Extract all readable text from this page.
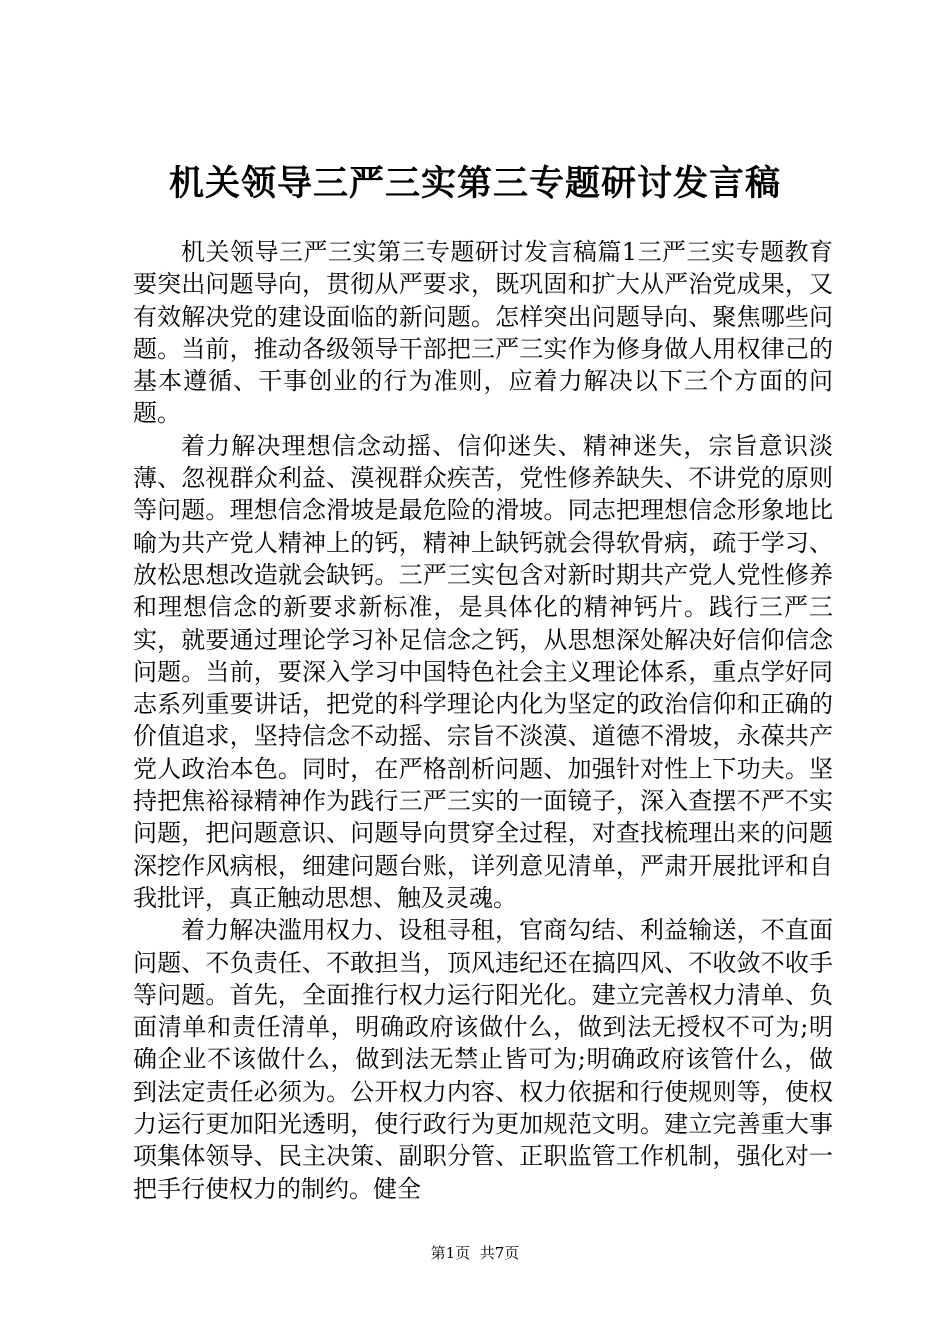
机关领导三严三实第三专题研讨发言稿

机关领导三严三实第三专题研讨发言稿篇1三严三实专题教育要突出问题导向，贯彻从严要求，既巩固和扩大从严治党成果，又有效解决党的建设面临的新问题。怎样突出问题导向、聚焦哪些问题。当前，推动各级领导干部把三严三实作为修身做人用权律己的基本遵循、干事创业的行为准则，应着力解决以下三个方面的问题。

着力解决理想信念动摇、信仰迷失、精神迷失，宗旨意识淡薄、忽视群众利益、漠视群众疾苦，党性修养缺失、不讲党的原则等问题。理想信念滑坡是最危险的滑坡。同志把理想信念形象地比喻为共产党人精神上的钙，精神上缺钙就会得软骨病，疏于学习、放松思想改造就会缺钙。三严三实包含对新时期共产党人党性修养和理想信念的新要求新标准，是具体化的精神钙片。践行三严三实，就要通过理论学习补足信念之钙，从思想深处解决好信仰信念问题。当前，要深入学习中国特色社会主义理论体系，重点学好同志系列重要讲话，把党的科学理论内化为坚定的政治信仰和正确的价值追求，坚持信念不动摇、宗旨不淡漠、道德不滑坡，永葆共产党人政治本色。同时，在严格剖析问题、加强针对性上下功夫。坚持把焦裕禄精神作为践行三严三实的一面镜子，深入查摆不严不实问题，把问题意识、问题导向贯穿全过程，对查找梳理出来的问题深挖作风病根，细建问题台账，详列意见清单，严肃开展批评和自我批评，真正触动思想、触及灵魂。

着力解决滥用权力、设租寻租，官商勾结、利益输送，不直面问题、不负责任、不敢担当，顶风违纪还在搞四风、不收敛不收手等问题。首先，全面推行权力运行阳光化。建立完善权力清单、负面清单和责任清单，明确政府该做什么，做到法无授权不可为;明确企业不该做什么，做到法无禁止皆可为;明确政府该管什么，做到法定责任必须为。公开权力内容、权力依据和行使规则等，使权力运行更加阳光透明，使行政行为更加规范文明。建立完善重大事项集体领导、民主决策、副职分管、正职监管工作机制，强化对一把手行使权力的制约。健全

第1页 共7页
